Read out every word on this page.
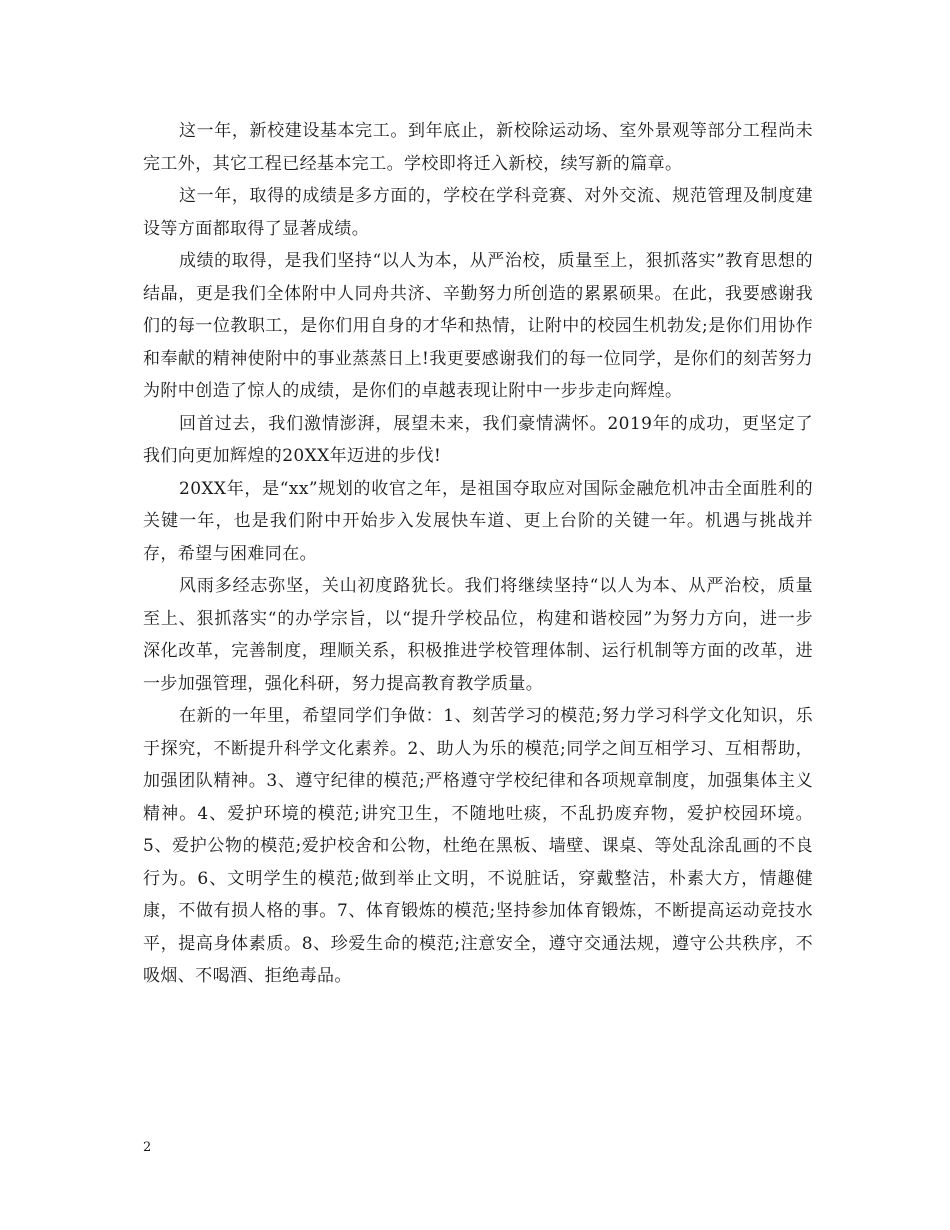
这一年，新校建设基本完工。到年底止，新校除运动场、室外景观等部分工程尚未完工外，其它工程已经基本完工。学校即将迁入新校，续写新的篇章。

这一年，取得的成绩是多方面的，学校在学科竞赛、对外交流、规范管理及制度建设等方面都取得了显著成绩。

成绩的取得，是我们坚持“以人为本，从严治校，质量至上，狠抓落实”教育思想的结晶，更是我们全体附中人同舟共济、辛勤努力所创造的累累硕果。在此，我要感谢我们的每一位教职工，是你们用自身的才华和热情，让附中的校园生机勃发;是你们用协作和奉献的精神使附中的事业蒸蒸日上!我更要感谢我们的每一位同学，是你们的刻苦努力为附中创造了惊人的成绩，是你们的卓越表现让附中一步步走向辉煌。

回首过去，我们激情澎湃，展望未来，我们豪情满怀。2019年的成功，更坚定了我们向更加辉煌的20XX年迈进的步伐!

20XX年，是“xx”规划的收官之年，是祖国夺取应对国际金融危机冲击全面胜利的关键一年，也是我们附中开始步入发展快车道、更上台阶的关键一年。机遇与挑战并存，希望与困难同在。

风雨多经志弥坚，关山初度路犹长。我们将继续坚持“以人为本、从严治校，质量至上、狠抓落实“的办学宗旨，以“提升学校品位，构建和谐校园”为努力方向，进一步深化改革，完善制度，理顺关系，积极推进学校管理体制、运行机制等方面的改革，进一步加强管理，强化科研，努力提高教育教学质量。

在新的一年里，希望同学们争做：1、刻苦学习的模范;努力学习科学文化知识，乐于探究，不断提升科学文化素养。2、助人为乐的模范;同学之间互相学习、互相帮助，加强团队精神。3、遵守纪律的模范;严格遵守学校纪律和各项规章制度，加强集体主义精神。4、爱护环境的模范;讲究卫生，不随地吐痰，不乱扔废弃物，爱护校园环境。5、爱护公物的模范;爱护校舍和公物，杜绝在黑板、墙壁、课桌、等处乱涂乱画的不良行为。6、文明学生的模范;做到举止文明，不说脏话，穿戴整洁，朴素大方，情趣健康，不做有损人格的事。7、体育锻炼的模范;坚持参加体育锻炼，不断提高运动竞技水平，提高身体素质。8、珍爱生命的模范;注意安全，遵守交通法规，遵守公共秩序，不吸烟、不喝酒、拒绝毒品。

2
